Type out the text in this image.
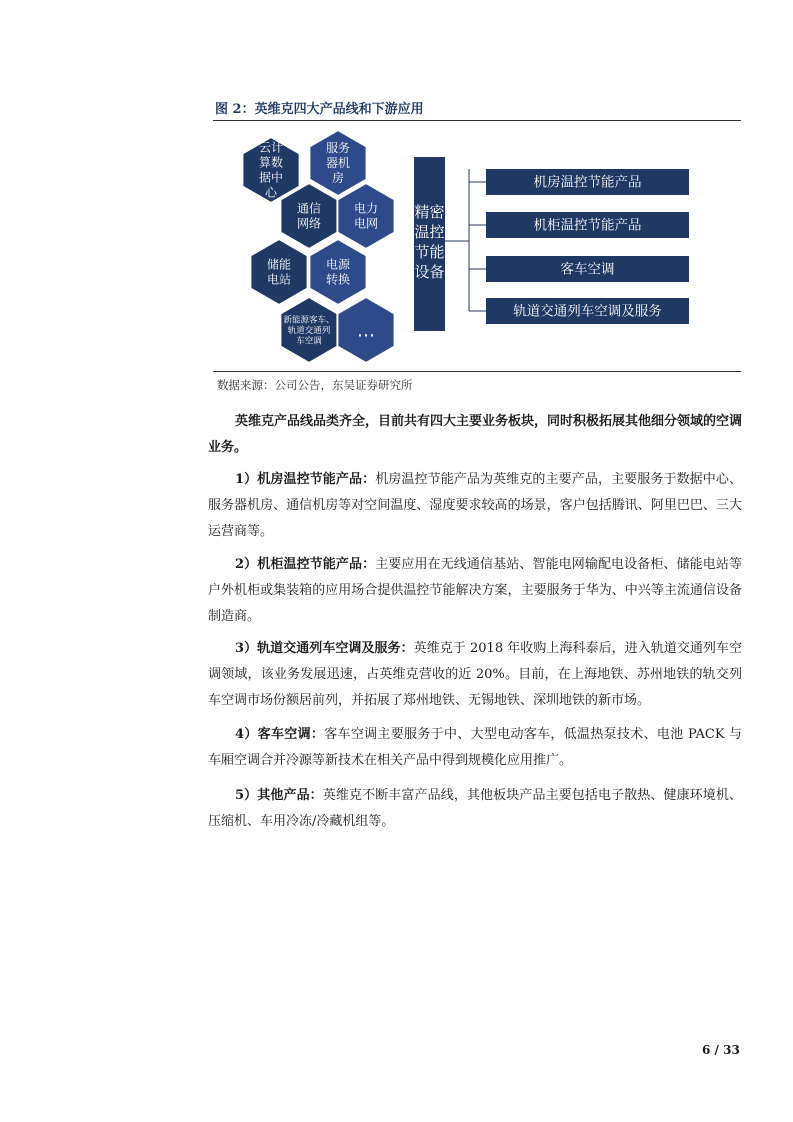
图 2：英维克四大产品线和下游应用
云计算数据中心
服务器机房
通信网络
电力电网
储能电站
电源转换
新能源客车、轨道交通列车空调
…
精密温控节能设备
机房温控节能产品
机柜温控节能产品
客车空调
轨道交通列车空调及服务
数据来源：公司公告，东吴证券研究所
英维克产品线品类齐全，目前共有四大主要业务板块，同时积极拓展其他细分领域的空调业务。
1）机房温控节能产品：机房温控节能产品为英维克的主要产品，主要服务于数据中心、服务器机房、通信机房等对空间温度、湿度要求较高的场景，客户包括腾讯、阿里巴巴、三大运营商等。
2）机柜温控节能产品：主要应用在无线通信基站、智能电网输配电设备柜、储能电站等户外机柜或集装箱的应用场合提供温控节能解决方案，主要服务于华为、中兴等主流通信设备制造商。
3）轨道交通列车空调及服务：英维克于 2018 年收购上海科泰后，进入轨道交通列车空调领域，该业务发展迅速，占英维克营收的近 20%。目前，在上海地铁、苏州地铁的轨交列车空调市场份额居前列，并拓展了郑州地铁、无锡地铁、深圳地铁的新市场。
4）客车空调：客车空调主要服务于中、大型电动客车，低温热泵技术、电池 PACK 与车厢空调合并冷源等新技术在相关产品中得到规模化应用推广。
5）其他产品：英维克不断丰富产品线，其他板块产品主要包括电子散热、健康环境机、压缩机、车用冷冻/冷藏机组等。
6 / 33
